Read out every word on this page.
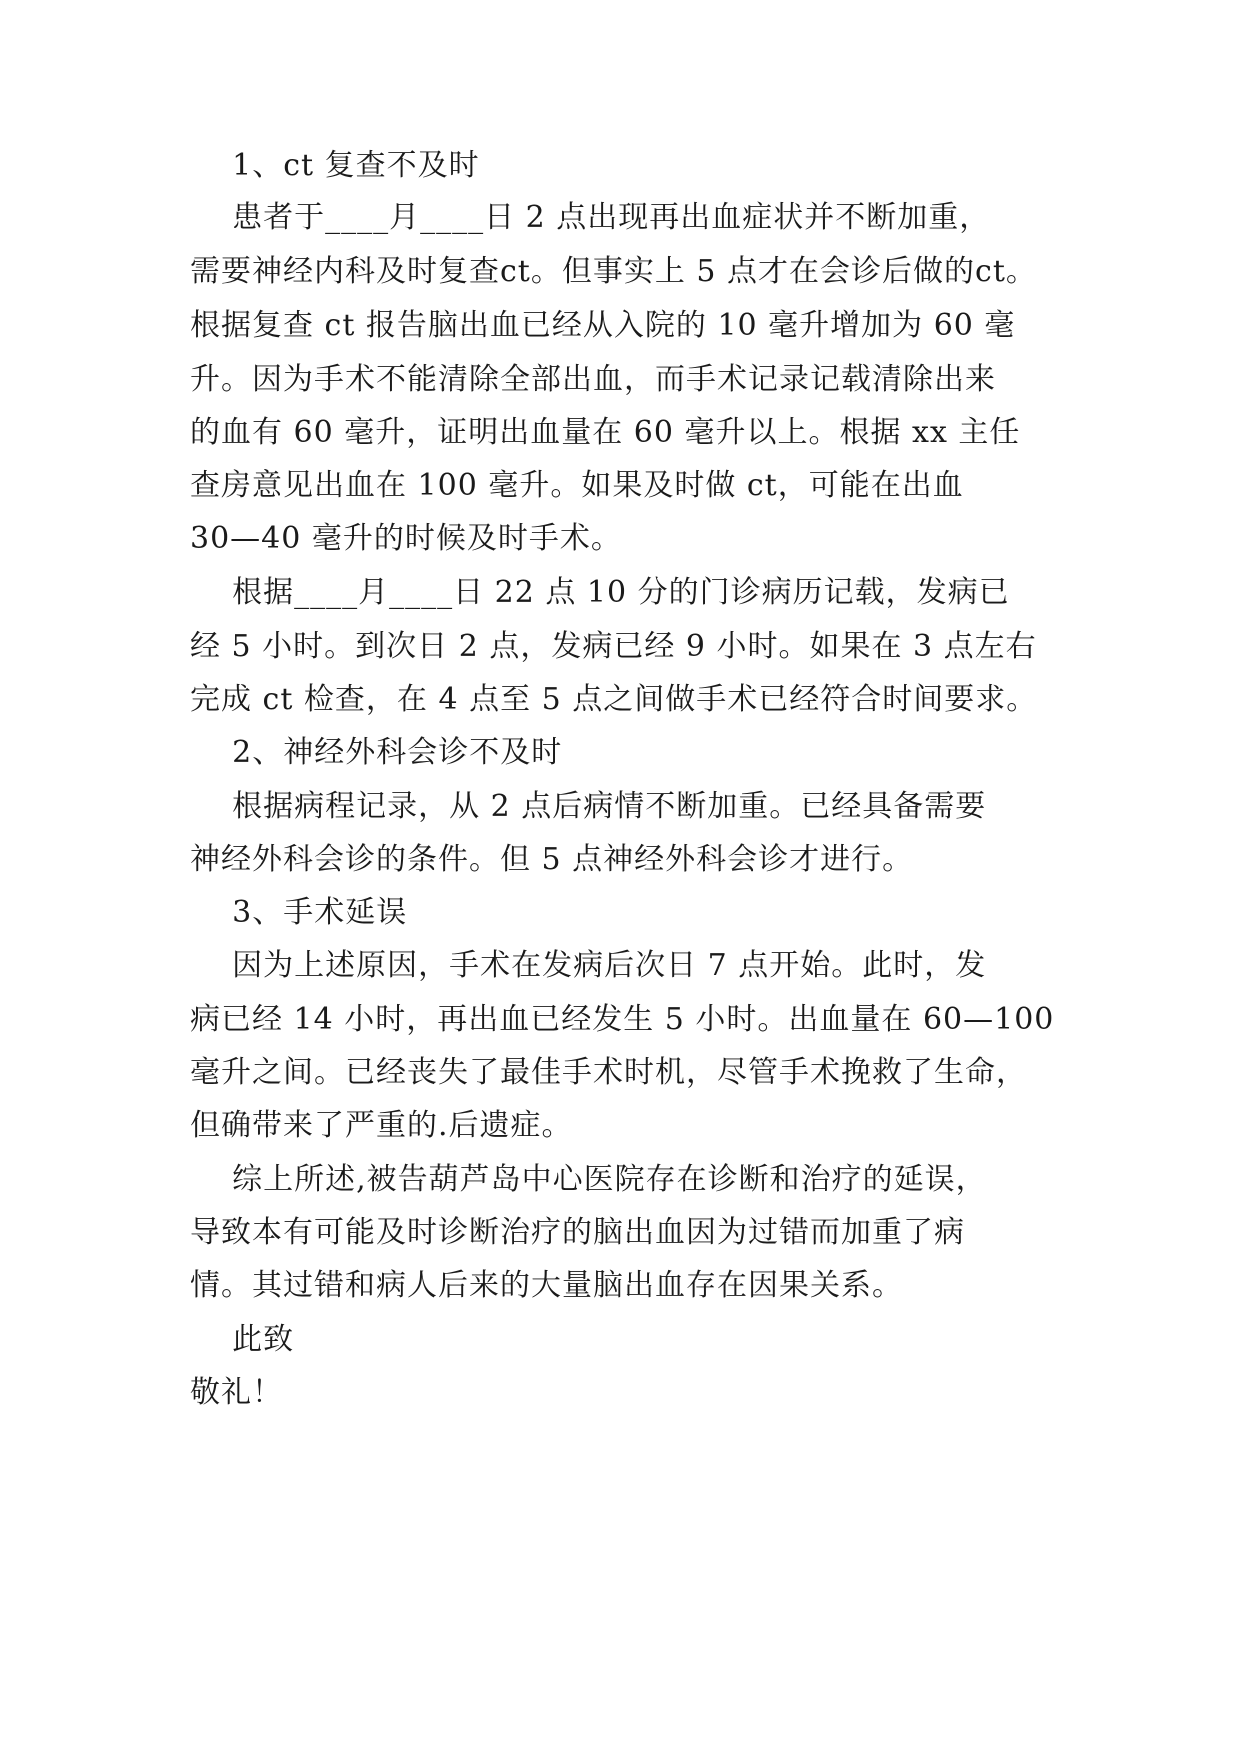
1、ct 复查不及时
患者于____月____日 2 点出现再出血症状并不断加重，
需要神经内科及时复查ct。但事实上 5 点才在会诊后做的ct。
根据复查 ct 报告脑出血已经从入院的 10 毫升增加为 60 毫
升。因为手术不能清除全部出血，而手术记录记载清除出来
的血有 60 毫升，证明出血量在 60 毫升以上。根据 xx 主任
查房意见出血在 100 毫升。如果及时做 ct，可能在出血
30—40 毫升的时候及时手术。
根据____月____日 22 点 10 分的门诊病历记载，发病已
经 5 小时。到次日 2 点，发病已经 9 小时。如果在 3 点左右
完成 ct 检查，在 4 点至 5 点之间做手术已经符合时间要求。
2、神经外科会诊不及时
根据病程记录，从 2 点后病情不断加重。已经具备需要
神经外科会诊的条件。但 5 点神经外科会诊才进行。
3、手术延误
因为上述原因，手术在发病后次日 7 点开始。此时，发
病已经 14 小时，再出血已经发生 5 小时。出血量在 60—100
毫升之间。已经丧失了最佳手术时机，尽管手术挽救了生命，
但确带来了严重的.后遗症。
综上所述,被告葫芦岛中心医院存在诊断和治疗的延误，
导致本有可能及时诊断治疗的脑出血因为过错而加重了病
情。其过错和病人后来的大量脑出血存在因果关系。
此致
敬礼！
